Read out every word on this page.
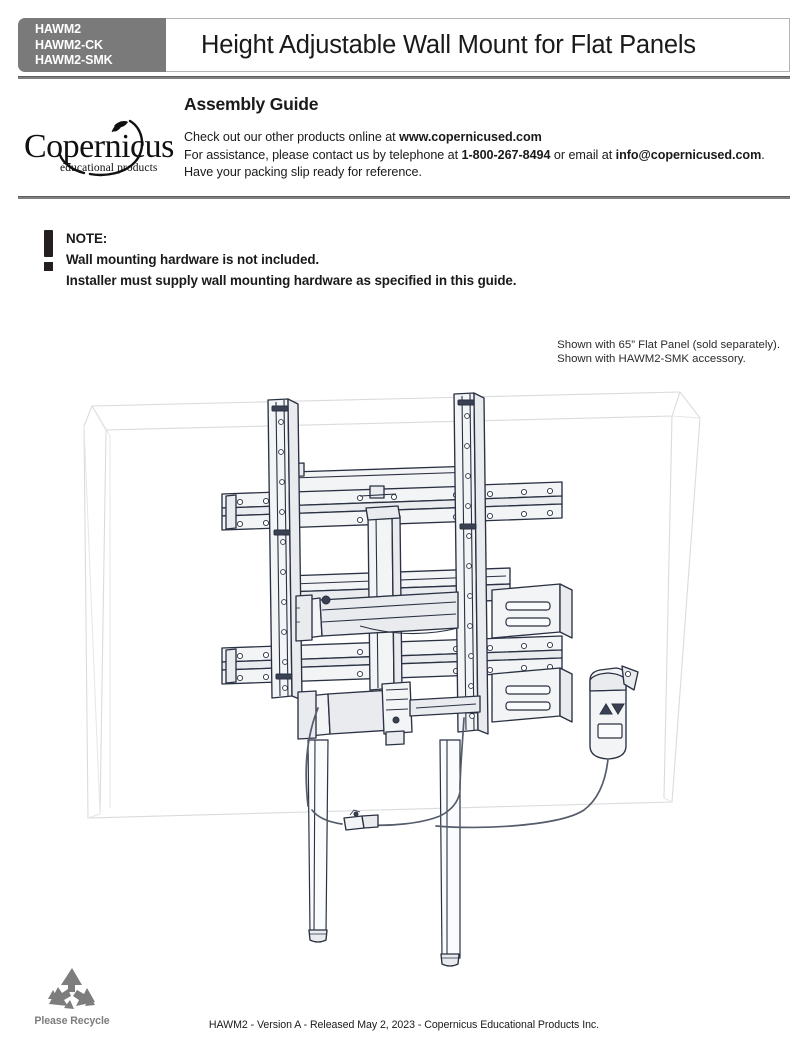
HAWM2
HAWM2-CK
HAWM2-SMK
Height Adjustable Wall Mount for Flat Panels
Copernicus
educational products
Assembly Guide
Check out our other products online at www.copernicused.com
For assistance, please contact us by telephone at 1-800-267-8494 or email at info@copernicused.com.
Have your packing slip ready for reference.
NOTE:
Wall mounting hardware is not included.
Installer must supply wall mounting hardware as specified in this guide.
Shown with 65” Flat Panel (sold separately).
Shown with HAWM2-SMK accessory.
Please Recycle	HAWM2 - Version A - Released May 2, 2023 - Copernicus Educational Products Inc.
